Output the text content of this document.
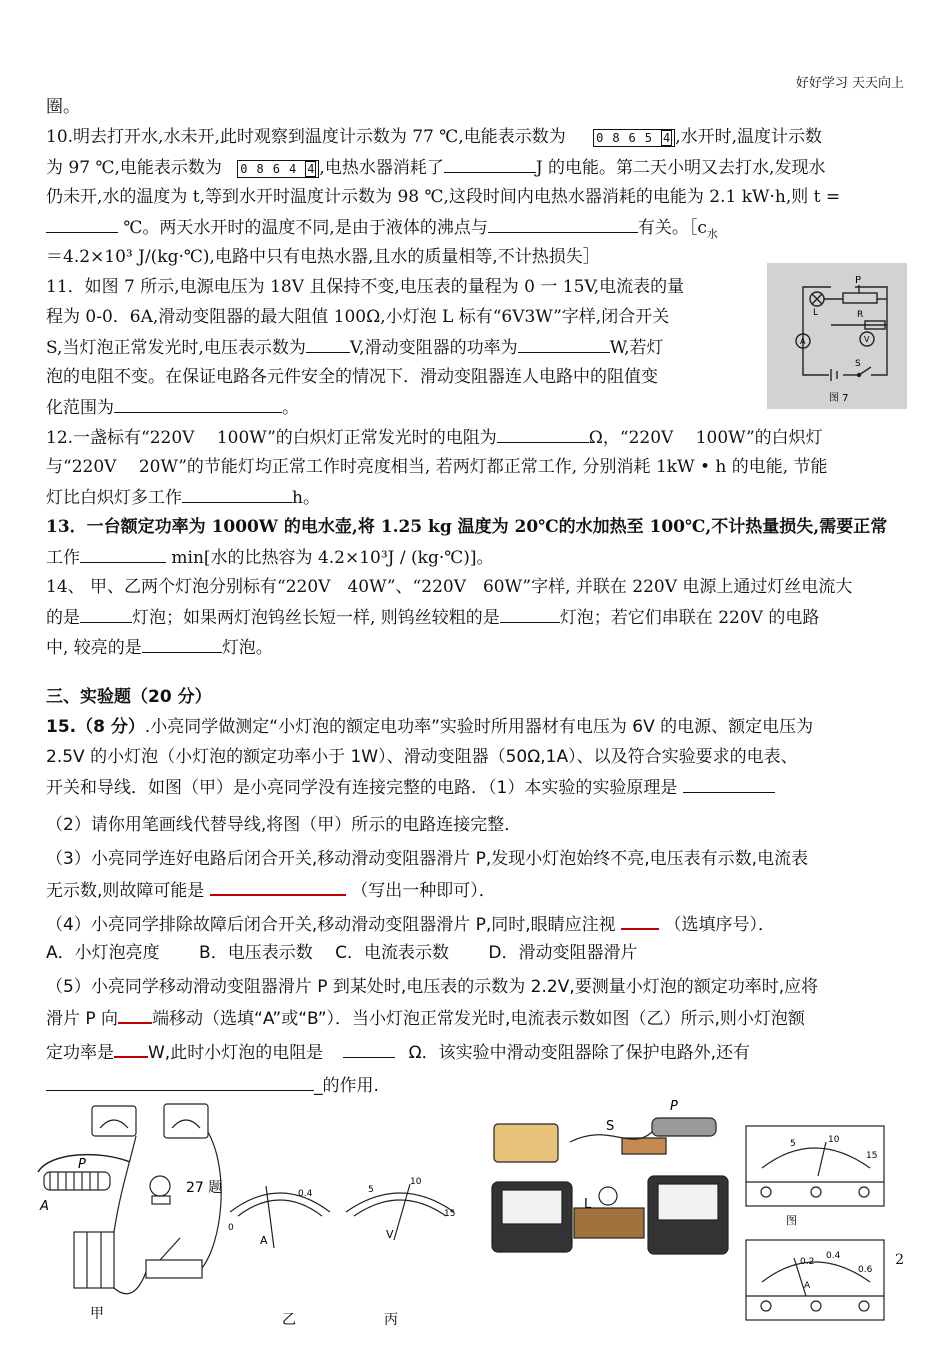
好好学习 天天向上
圈。
10.明去打开水,水未开,此时观察到温度计示数为 77 ℃,电能表示数为	0865 4 ,水开时,温度计示数
为 97 ℃,电能表示数为 0864 4 ,电热水器消耗了	J 的电能。第二天小明又去打水,发现水
仍未开,水的温度为 t,等到水开时温度计示数为 98 ℃,这段时间内电热水器消耗的电能为 2.1 kW·h,则 t =
℃。两天水开时的温度不同,是由于液体的沸点与	有关。$[c_水$
＝4.2×10³ J/(kg·℃),电路中只有电热水器,且水的质量相等,不计热损失］
11．如图 7 所示,电源电压为 18V 且保持不变,电压表的量程为 0 一 15V,电流表的量
程为 0-0．6A,滑动变阻器的最大阻值 100Ω,小灯泡 L 标有“6V3W”字样,闭合开关
S,当灯泡正常发光时,电压表示数为	V,滑动变阻器的功率为	W,若灯
泡的电阻不变。在保证电路各元件安全的情况下．滑动变阻器连人电路中的阻值变
化范围为	。
12.一盏标有“220V　 100W”的白炽灯正常发光时的电阻为	Ω，“220V　 100W”的白炽灯
与“220V　 20W”的节能灯均正常工作时亮度相当, 若两灯都正常工作, 分别消耗 1kW • h 的电能, 节能
灯比白炽灯多工作	h。
13．一台额定功率为 1000W 的电水壶,将 1.25 kg 温度为 20℃的水加热至 100℃,不计热量损失,需要正常
工作	min[水的比热容为 4.2×10³J / (kg·℃)]。
14、 甲、乙两个灯泡分别标有“220V　40W”、“220V　60W”字样, 并联在 220V 电源上通过灯丝电流大
的是	灯泡；如果两灯泡钨丝长短一样, 则钨丝较粗的是	灯泡；若它们串联在 220V 的电路
中, 较亮的是	灯泡。
三、实验题（20 分）
15.（8 分）.小亮同学做测定“小灯泡的额定电功率”实验时所用器材有电压为 6V 的电源、额定电压为
2.5V 的小灯泡（小灯泡的额定功率小于 1W）、滑动变阻器（50Ω,1A）、以及符合实验要求的电表、
开关和导线．如图（甲）是小亮同学没有连接完整的电路．（1）本实验的实验原理是
（2）请你用笔画线代替导线,将图（甲）所示的电路连接完整．
（3）小亮同学连好电路后闭合开关,移动滑动变阻器滑片 P,发现小灯泡始终不亮,电压表有示数,电流表
无示数,则故障可能是	（写出一种即可）．
（4）小亮同学排除故障后闭合开关,移动滑动变阻器滑片 P,同时,眼睛应注视	（选填序号）．
A．小灯泡亮度　　 B．电压表示数　 C．电流表示数　　 D．滑动变阻器滑片
（5）小亮同学移动滑动变阻器滑片 P 到某处时,电压表的示数为 2.2V,要测量小灯泡的额定功率时,应将
滑片 P 向 端移动（选填“A”或“B”）．当小灯泡正常发光时,电流表示数如图（乙）所示,则小灯泡额
定功率是 W,此时小灯泡的电阻是	Ω．该实验中滑动变阻器除了保护电路外,还有
_的作用.
P
L	R
A	V
S
图 7
P
A
27 题
甲
0
0.4
A
乙
5
10
15
V
丙
S
P
L
5	10
15
图
0.2
0.4
0.6
A
2
